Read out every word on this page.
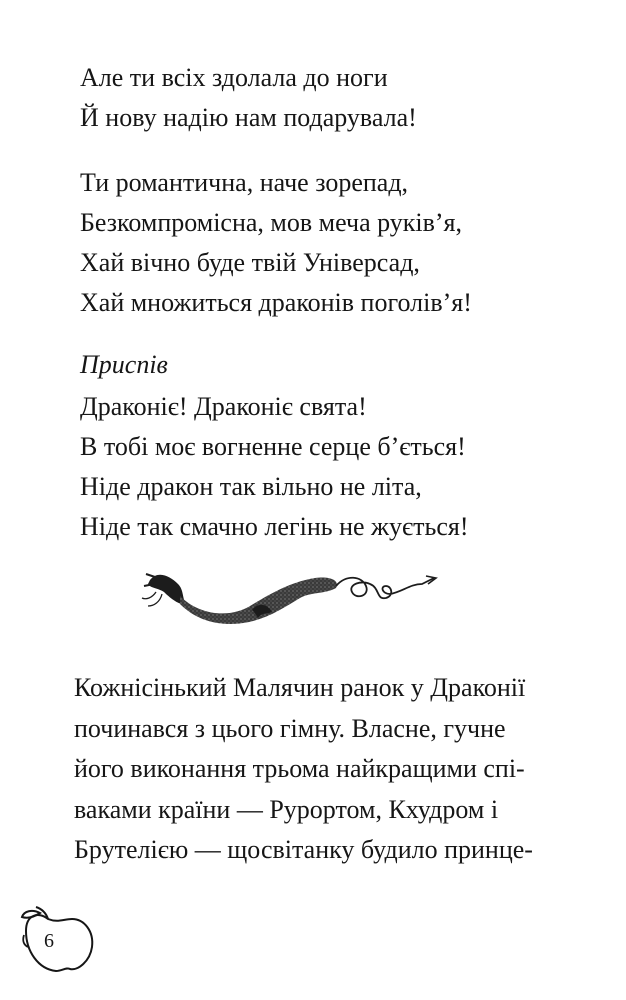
Але ти всіх здолала до ноги
Й нову надію нам подарувала!
Ти романтична, наче зорепад,
Безкомпромісна, мов меча руків’я,
Хай вічно буде твій Універсад,
Хай множиться драконів поголів’я!
Приспів
Драконіє! Драконіє свята!
В тобі моє вогненне серце б’ється!
Ніде дракон так вільно не літа,
Ніде так смачно легінь не жується!
Кожнісінький Малячин ранок у Драконії
починався з цього гімну. Власне, гучне
його виконання трьома найкращими спі-
ваками країни — Рурортом, Кхудром і
Брутелією — щосвітанку будило принце-
6
